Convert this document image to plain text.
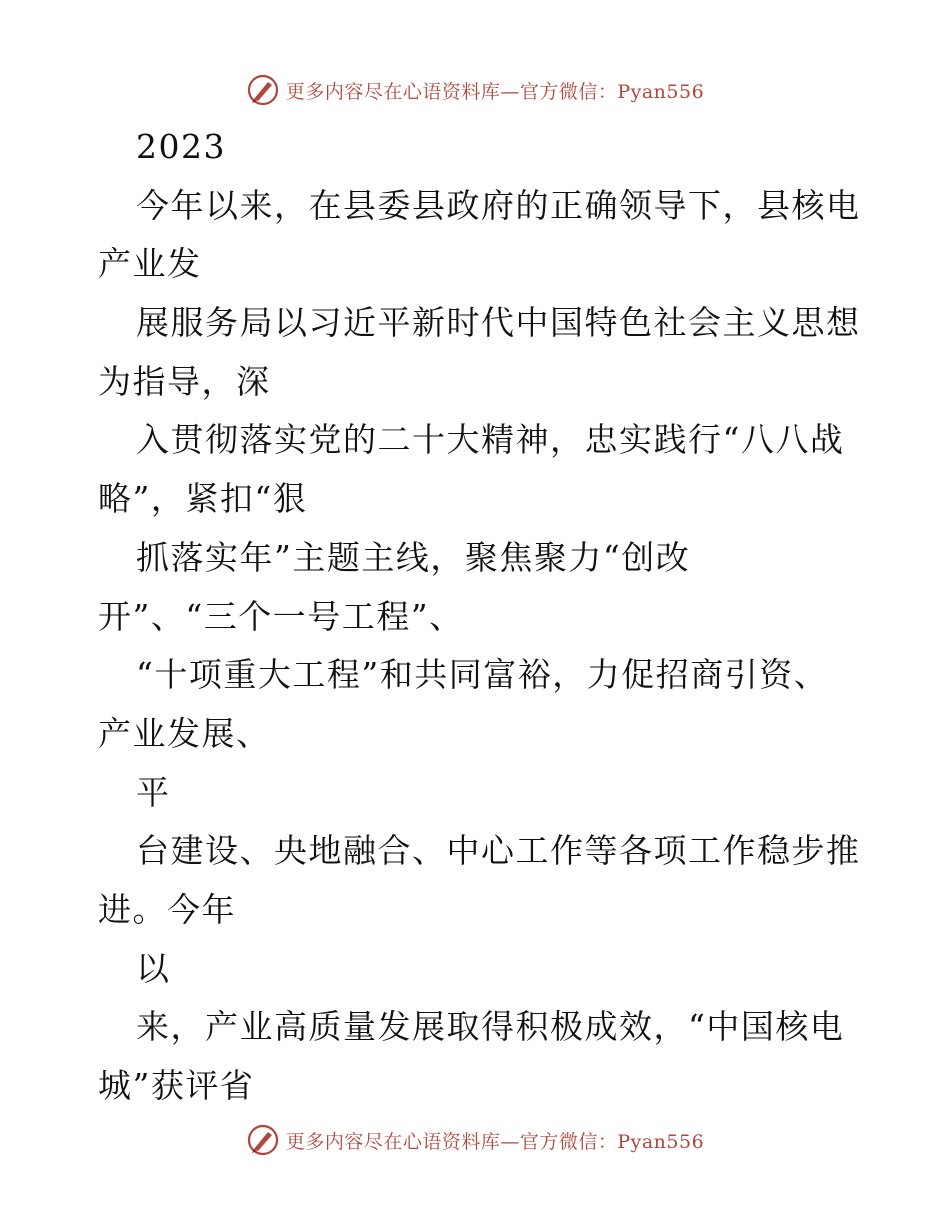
更多内容尽在心语资料库—官方微信：Pyan556
2023
今年以来，在县委县政府的正确领导下，县核电
产业发
展服务局以习近平新时代中国特色社会主义思想
为指导，深
入贯彻落实党的二十大精神，忠实践行“八八战
略”，紧扣“狠
抓落实年”主题主线，聚焦聚力“创改
开”、“三个一号工程”、
“十项重大工程”和共同富裕，力促招商引资、
产业发展、
平
台建设、央地融合、中心工作等各项工作稳步推
进。今年
以
来，产业高质量发展取得积极成效，“中国核电
城”获评省
更多内容尽在心语资料库—官方微信：Pyan556
